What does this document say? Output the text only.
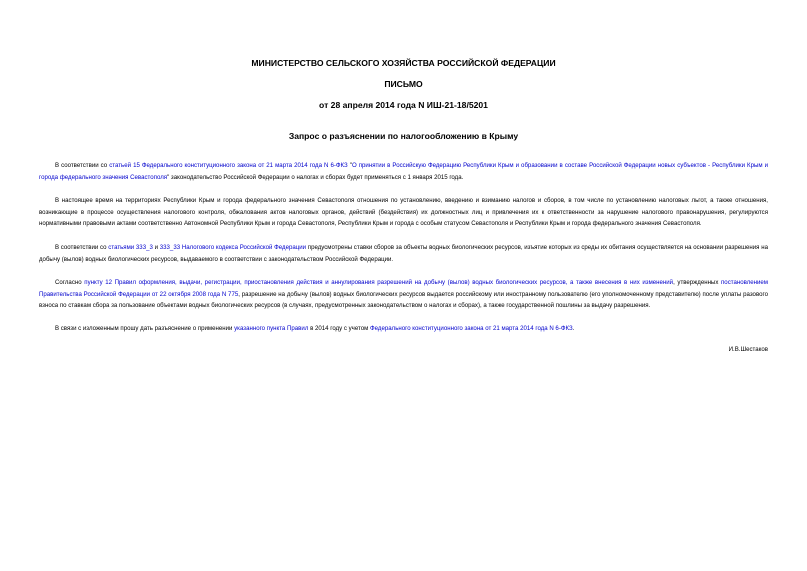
МИНИСТЕРСТВО СЕЛЬСКОГО ХОЗЯЙСТВА РОССИЙСКОЙ ФЕДЕРАЦИИ
ПИСЬМО
от 28 апреля 2014 года N ИШ-21-18/5201
Запрос о разъяснении по налогообложению в Крыму

В соответствии со статьей 15 Федерального конституционного закона от 21 марта 2014 года N 6-ФКЗ "О принятии в Российскую Федерацию Республики Крым и образовании в составе Российской Федерации новых субъектов - Республики Крым и города федерального значения Севастополя" законодательство Российской Федерации о налогах и сборах будет применяться с 1 января 2015 года.

В настоящее время на территориях Республики Крым и города федерального значения Севастополя отношения по установлению, введению и взиманию налогов и сборов, в том числе по установлению налоговых льгот, а также отношения, возникающие в процессе осуществления налогового контроля, обжалования актов налоговых органов, действий (бездействия) их должностных лиц и привлечения их к ответственности за нарушение налогового правонарушения, регулируются нормативными правовыми актами соответственно Автономной Республики Крым и города Севастополя, Республики Крым и города с особым статусом Севастополя и Республики Крым и города федерального значения Севастополя.

В соответствии со статьями 333_3 и 333_33 Налогового кодекса Российской Федерации предусмотрены ставки сборов за объекты водных биологических ресурсов, изъятие которых из среды их обитания осуществляется на основании разрешения на добычу (вылов) водных биологических ресурсов, выдаваемого в соответствии с законодательством Российской Федерации.

Согласно пункту 12 Правил оформления, выдачи, регистрации, приостановления действия и аннулирования разрешений на добычу (вылов) водных биологических ресурсов, а также внесения в них изменений, утвержденных постановлением Правительства Российской Федерации от 22 октября 2008 года N 775, разрешение на добычу (вылов) водных биологических ресурсов выдается российскому или иностранному пользователю (его уполномоченному представителю) после уплаты разового взноса по ставкам сбора за пользование объектами водных биологических ресурсов (в случаях, предусмотренных законодательством о налогах и сборах), а также государственной пошлины за выдачу разрешения.

В связи с изложенным прошу дать разъяснение о применении указанного пункта Правил в 2014 году с учетом Федерального конституционного закона от 21 марта 2014 года N 6-ФКЗ.

И.В.Шестаков
